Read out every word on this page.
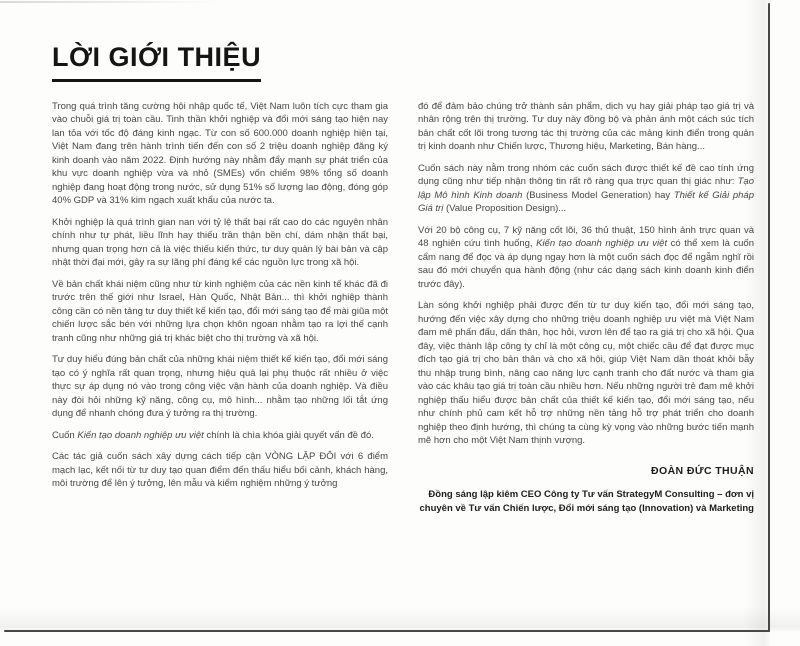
LỜI GIỚI THIỆU

Trong quá trình tăng cường hội nhập quốc tế, Việt Nam luôn tích cực tham gia vào chuỗi giá trị toàn cầu. Tinh thần khởi nghiệp và đổi mới sáng tạo hiện nay lan tỏa với tốc độ đáng kinh ngạc. Từ con số 600.000 doanh nghiệp hiện tại, Việt Nam đang trên hành trình tiến đến con số 2 triệu doanh nghiệp đăng ký kinh doanh vào năm 2022. Định hướng này nhằm đẩy mạnh sự phát triển của khu vực doanh nghiệp vừa và nhỏ (SMEs) vốn chiếm 98% tổng số doanh nghiệp đang hoạt động trong nước, sử dụng 51% số lượng lao động, đóng góp 40% GDP và 31% kim ngạch xuất khẩu của nước ta.

Khởi nghiệp là quá trình gian nan với tỷ lệ thất bại rất cao do các nguyên nhân chính như tự phát, liều lĩnh hay thiếu trần thận bền chí, dám nhận thất bại, nhưng quan trọng hơn cả là việc thiếu kiến thức, tư duy quản lý bài bản và cập nhật thời đại mới, gây ra sự lãng phí đáng kể các nguồn lực trong xã hội.

Về bản chất khái niệm cũng như từ kinh nghiệm của các nền kinh tế khác đã đi trước trên thế giới như Israel, Hàn Quốc, Nhật Bản... thì khởi nghiệp thành công cần có nền tảng tư duy thiết kế kiến tạo, đổi mới sáng tạo để mài giũa một chiến lược sắc bén với những lựa chọn khôn ngoan nhằm tạo ra lợi thế cạnh tranh cũng như những giá trị khác biệt cho thị trường và xã hội.

Tư duy hiểu đúng bản chất của những khái niệm thiết kế kiến tạo, đổi mới sáng tạo có ý nghĩa rất quan trọng, nhưng hiệu quả lại phụ thuộc rất nhiều ở việc thực sự áp dụng nó vào trong công việc vận hành của doanh nghiệp. Và điều này đòi hỏi những kỹ năng, công cụ, mô hình... nhằm tạo những lối tắt ứng dụng để nhanh chóng đưa ý tưởng ra thị trường.

Cuốn Kiến tạo doanh nghiệp ưu việt chính là chìa khóa giải quyết vấn đề đó.

Các tác giả cuốn sách xây dựng cách tiếp cận VÒNG LẶP ĐÔI với 6 điểm mạch lạc, kết nối từ tư duy tạo quan điểm đến thấu hiểu bối cảnh, khách hàng, môi trường để lên ý tưởng, lên mẫu và kiểm nghiệm những ý tưởng

đó để đảm bảo chúng trở thành sản phẩm, dịch vụ hay giải pháp tạo giá trị và nhân rộng trên thị trường. Tư duy này đồng bộ và phản ánh một cách súc tích bản chất cốt lõi trong tương tác thị trường của các mảng kinh điển trong quản trị kinh doanh như Chiến lược, Thương hiệu, Marketing, Bán hàng...

Cuốn sách này nằm trong nhóm các cuốn sách được thiết kế đề cao tính ứng dụng cũng như tiếp nhận thông tin rất rõ ràng qua trực quan thị giác như: Tạo lập Mô hình Kinh doanh (Business Model Generation) hay Thiết kế Giải pháp Giá trị (Value Proposition Design)...

Với 20 bộ công cụ, 7 kỹ năng cốt lõi, 36 thủ thuật, 150 hình ảnh trực quan và 48 nghiên cứu tình huống, Kiến tạo doanh nghiệp ưu việt có thể xem là cuốn cẩm nang để đọc và áp dụng ngay hơn là một cuốn sách đọc để ngẫm nghĩ rồi sau đó mới chuyển qua hành động (như các dạng sách kinh doanh kinh điển trước đây).

Làn sóng khởi nghiệp phải được đến từ tư duy kiến tạo, đổi mới sáng tạo, hướng đến việc xây dựng cho những triệu doanh nghiệp ưu việt mà Việt Nam đam mê phấn đấu, dấn thân, học hỏi, vươn lên để tạo ra giá trị cho xã hội. Qua đây, việc thành lập công ty chỉ là một công cụ, một chiếc cầu để đạt được mục đích tạo giá trị cho bản thân và cho xã hội, giúp Việt Nam dần thoát khỏi bẫy thu nhập trung bình, nâng cao năng lực cạnh tranh cho đất nước và tham gia vào các khâu tạo giá trị toàn cầu nhiều hơn. Nếu những người trẻ đam mê khởi nghiệp thấu hiểu được bản chất của thiết kế kiến tạo, đổi mới sáng tạo, nếu như chính phủ cam kết hỗ trợ những nền tảng hỗ trợ phát triển cho doanh nghiệp theo định hướng, thì chúng ta cùng kỳ vọng vào những bước tiến mạnh mẽ hơn cho một Việt Nam thịnh vượng.

ĐOÀN ĐỨC THUẬN
Đồng sáng lập kiêm CEO Công ty Tư vấn StrategyM Consulting – đơn vị chuyên về Tư vấn Chiến lược, Đổi mới sáng tạo (Innovation) và Marketing
